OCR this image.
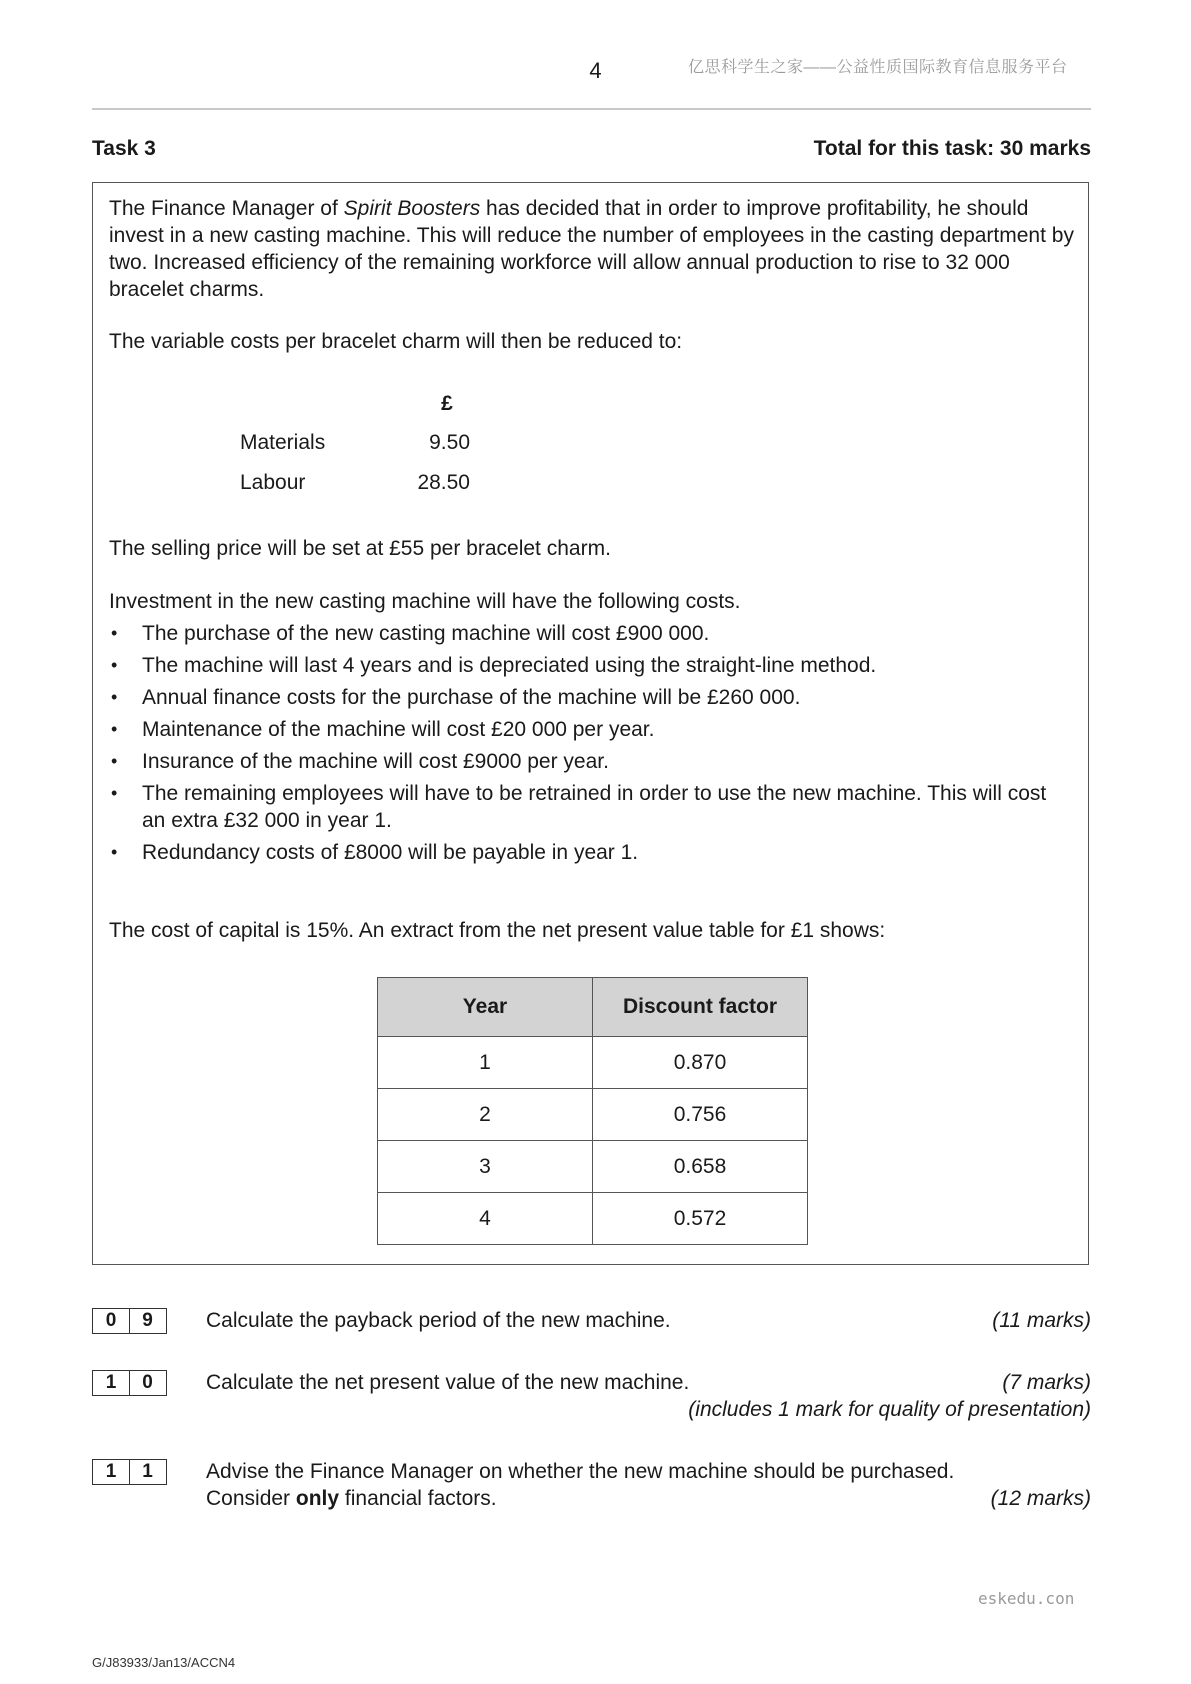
4	亿思科学生之家——公益性质国际教育信息服务平台
Task 3	Total for this task: 30 marks
The Finance Manager of Spirit Boosters has decided that in order to improve profitability, he should invest in a new casting machine. This will reduce the number of employees in the casting department by two. Increased efficiency of the remaining workforce will allow annual production to rise to 32 000 bracelet charms.
The variable costs per bracelet charm will then be reduced to:
£
Materials	9.50
Labour	28.50
The selling price will be set at £55 per bracelet charm.
Investment in the new casting machine will have the following costs.
• The purchase of the new casting machine will cost £900 000.
• The machine will last 4 years and is depreciated using the straight-line method.
• Annual finance costs for the purchase of the machine will be £260 000.
• Maintenance of the machine will cost £20 000 per year.
• Insurance of the machine will cost £9000 per year.
• The remaining employees will have to be retrained in order to use the new machine. This will cost an extra £32 000 in year 1.
• Redundancy costs of £8000 will be payable in year 1.
The cost of capital is 15%. An extract from the net present value table for £1 shows:
Year	Discount factor
1	0.870
2	0.756
3	0.658
4	0.572
0	9	Calculate the payback period of the new machine.	(11 marks)
1	0	Calculate the net present value of the new machine.	(7 marks)
(includes 1 mark for quality of presentation)
1	1	Advise the Finance Manager on whether the new machine should be purchased.
Consider only financial factors.	(12 marks)
eskedu.con
G/J83933/Jan13/ACCN4
